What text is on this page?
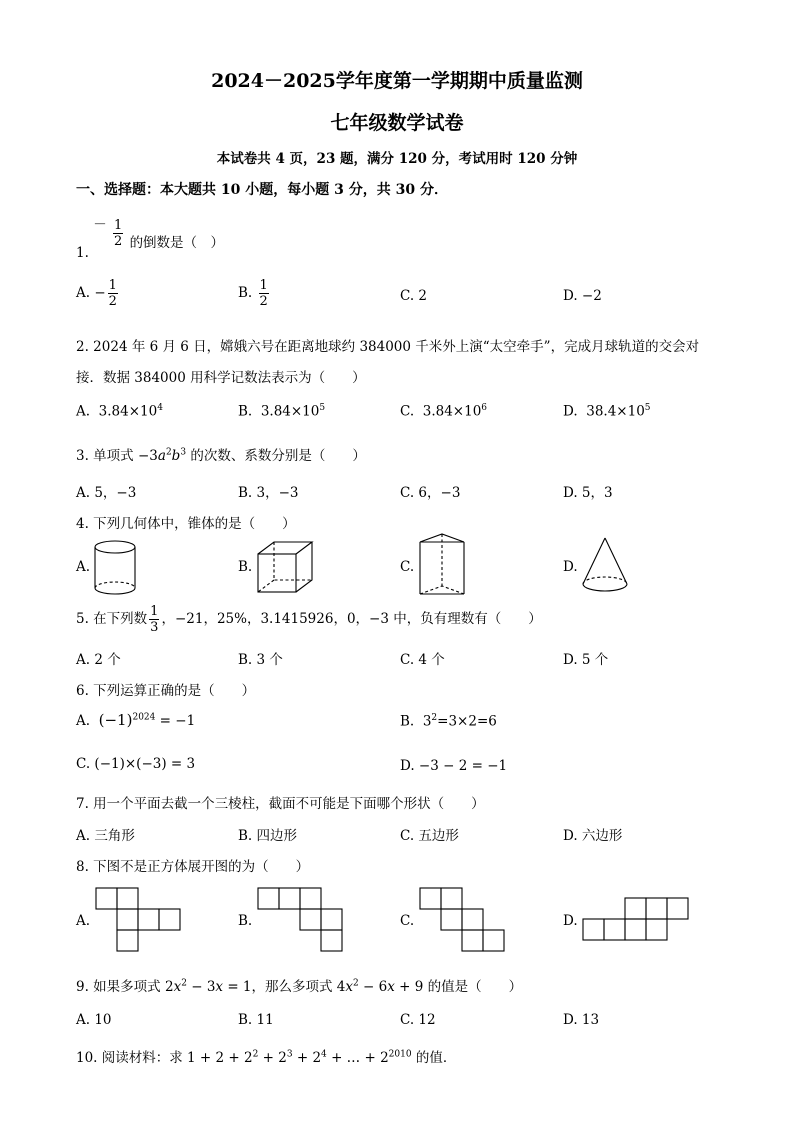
2024－2025学年度第一学期期中质量监测
七年级数学试卷
本试卷共 4 页，23 题，满分 120 分，考试用时 120 分钟
一、选择题：本大题共 10 小题，每小题 3 分，共 30 分．
1. － $\frac{1}{2}$ 的倒数是（　）
A. − $\frac{1}{2}$	B. $\frac{1}{2}$	C. 2	D. −2
2. 2024 年 6 月 6 日，嫦娥六号在距离地球约 384000 千米外上演“太空牵手”，完成月球轨道的交会对
接．数据 384000 用科学记数法表示为（　　）
A. $3.84\times 10^4$	B. $3.84\times 10^5$	C. $3.84\times 10^6$	D. $38.4\times 10^5$
3. 单项式 $-3a^2b^3$ 的次数、系数分别是（　　）
A. 5，−3	B. 3，−3	C. 6，−3	D. 5，3
4. 下列几何体中，锥体的是（　　）
A.	B.	C.	D.
5. 在下列数 $\frac{1}{3}$ ，−21，25%，3.1415926，0，−3 中，负有理数有（　　）
A. 2 个	B. 3 个	C. 4 个	D. 5 个
6. 下列运算正确的是（　　）
A. $(-1)^{2024} = -1$	B. $3^2=3\times 2=6$
C. (−1)×(−3) = 3	D. −3 − 2 = −1
7. 用一个平面去截一个三棱柱，截面不可能是下面哪个形状（　　）
A. 三角形	B. 四边形	C. 五边形	D. 六边形
8. 下图不是正方体展开图的为（　　）
A.	B.	C.	D.
9. 如果多项式 $2x^2 - 3x = 1$，那么多项式 $4x^2 - 6x + 9$ 的值是（　　）
A. 10	B. 11	C. 12	D. 13
10. 阅读材料：求 $1 + 2 + 2^2 + 2^3 + 2^4$ + … + $2^{2010}$ 的值．
